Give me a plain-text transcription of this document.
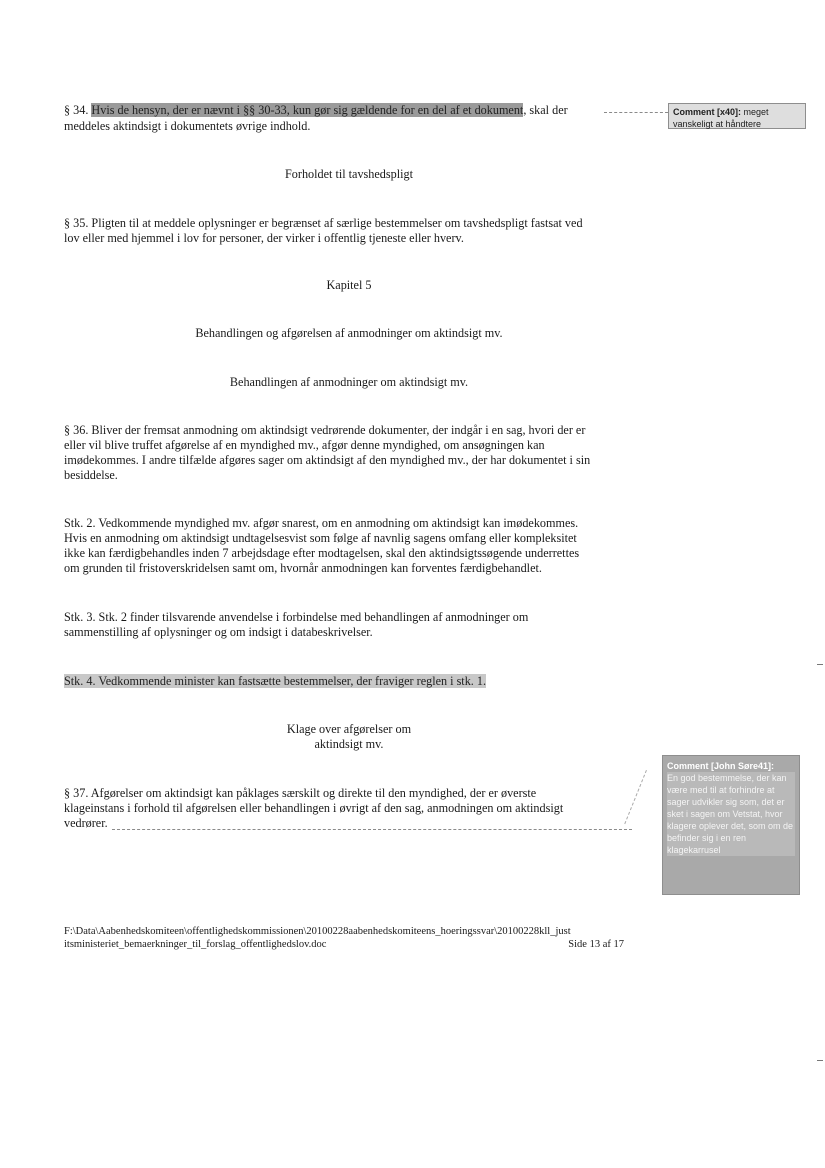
§ 34. Hvis de hensyn, der er nævnt i §§ 30-33, kun gør sig gældende for en del af et dokument, skal der

meddeles aktindsigt i dokumentets øvrige indhold.

Forholdet til tavshedspligt

§ 35. Pligten til at meddele oplysninger er begrænset af særlige bestemmelser om tavshedspligt fastsat ved

lov eller med hjemmel i lov for personer, der virker i offentlig tjeneste eller hverv.

Kapitel 5

Behandlingen og afgørelsen af anmodninger om aktindsigt mv.

Behandlingen af anmodninger om aktindsigt mv.

§ 36. Bliver der fremsat anmodning om aktindsigt vedrørende dokumenter, der indgår i en sag, hvori der er

eller vil blive truffet afgørelse af en myndighed mv., afgør denne myndighed, om ansøgningen kan

imødekommes. I andre tilfælde afgøres sager om aktindsigt af den myndighed mv., der har dokumentet i sin

besiddelse.

Stk. 2. Vedkommende myndighed mv. afgør snarest, om en anmodning om aktindsigt kan imødekommes.

Hvis en anmodning om aktindsigt undtagelsesvist som følge af navnlig sagens omfang eller kompleksitet

ikke kan færdigbehandles inden 7 arbejdsdage efter modtagelsen, skal den aktindsigtssøgende underrettes

om grunden til fristoverskridelsen samt om, hvornår anmodningen kan forventes færdigbehandlet.

Stk. 3. Stk. 2 finder tilsvarende anvendelse i forbindelse med behandlingen af anmodninger om

sammenstilling af oplysninger og om indsigt i databeskrivelser.

Stk. 4. Vedkommende minister kan fastsætte bestemmelser, der fraviger reglen i stk. 1.

Klage over afgørelser om

aktindsigt mv.

§ 37. Afgørelser om aktindsigt kan påklages særskilt og direkte til den myndighed, der er øverste

klageinstans i forhold til afgørelsen eller behandlingen i øvrigt af den sag, anmodningen om aktindsigt

vedrører.

Comment [x40]: meget vanskeligt at håndtere
Comment [John Søre41]:
En god bestemmelse, der kan være med til at forhindre at sager udvikler sig som, det er sket i sagen om Vetstat, hvor klagere oplever det, som om de befinder sig i en ren klagekarrusel
F:\Data\Aabenhedskomiteen\offentlighedskommissionen\20100228aabenhedskomiteens_hoeringssvar\20100228kll_just
itsministeriet_bemaerkninger_til_forslag_offentlighedslov.doc	Side 13 af 17
